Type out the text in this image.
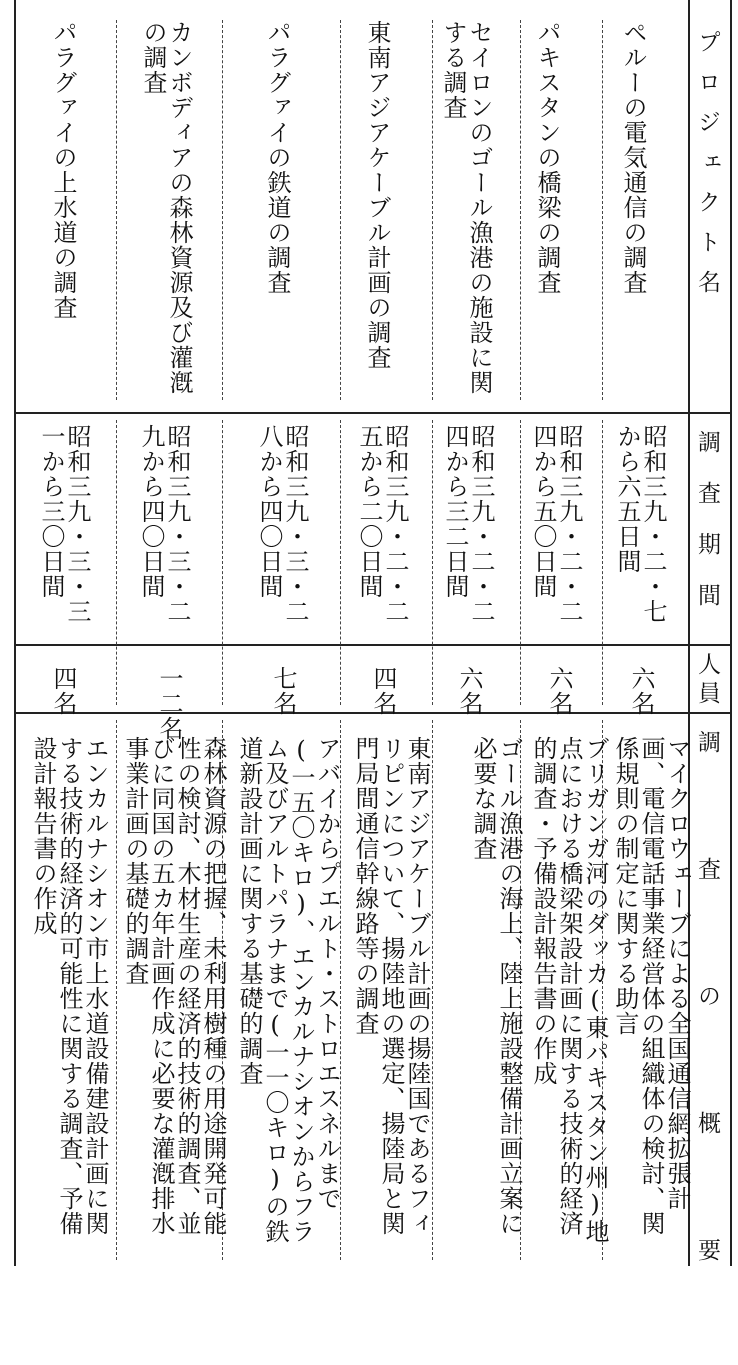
プロジェクト名
調査期間
人員
調査の概要
ペルーの電気通信の調査
昭和三九・二・七から六五日間
六名
マイクロウェーブによる全国通信網拡張計画、電信電話事業経営体の組織体の検討、関係規則の制定に関する助言
パキスタンの橋梁の調査
昭和三九・二・二四から五〇日間
六名
ブリガンガ河のダッカ(東パキスタン州)地点における橋梁架設計画に関する技術的経済的調査・予備設計報告書の作成
セイロンのゴール漁港の施設に関する調査
昭和三九・二・二四から三二日間
六名
ゴール漁港の海上、陸上施設整備計画立案に必要な調査
東南アジアケーブル計画の調査
昭和三九・二・二五から二〇日間
四名
東南アジアケーブル計画の揚陸国であるフィリピンについて、揚陸地の選定、揚陸局と関門局間通信幹線路等の調査
パラグァイの鉄道の調査
昭和三九・三・二八から四〇日間
七名
アバイからプエルト・ストロエスネルまで(一五〇キロ)、エンカルナシオンからフラム及びアルトパラナまで(一一〇キロ)の鉄道新設計画に関する基礎的調査
カンボディアの森林資源及び灌漑の調査
昭和三九・三・二九から四〇日間
一二名
森林資源の把握、未利用樹種の用途開発可能性の検討、木材生産の経済的技術的調査、並びに同国の五カ年計画作成に必要な灌漑排水事業計画の基礎的調査
パラグァイの上水道の調査
昭和三九・三・三一から三〇日間
四名
エンカルナシオン市上水道設備建設計画に関する技術的経済的可能性に関する調査、予備設計報告書の作成
